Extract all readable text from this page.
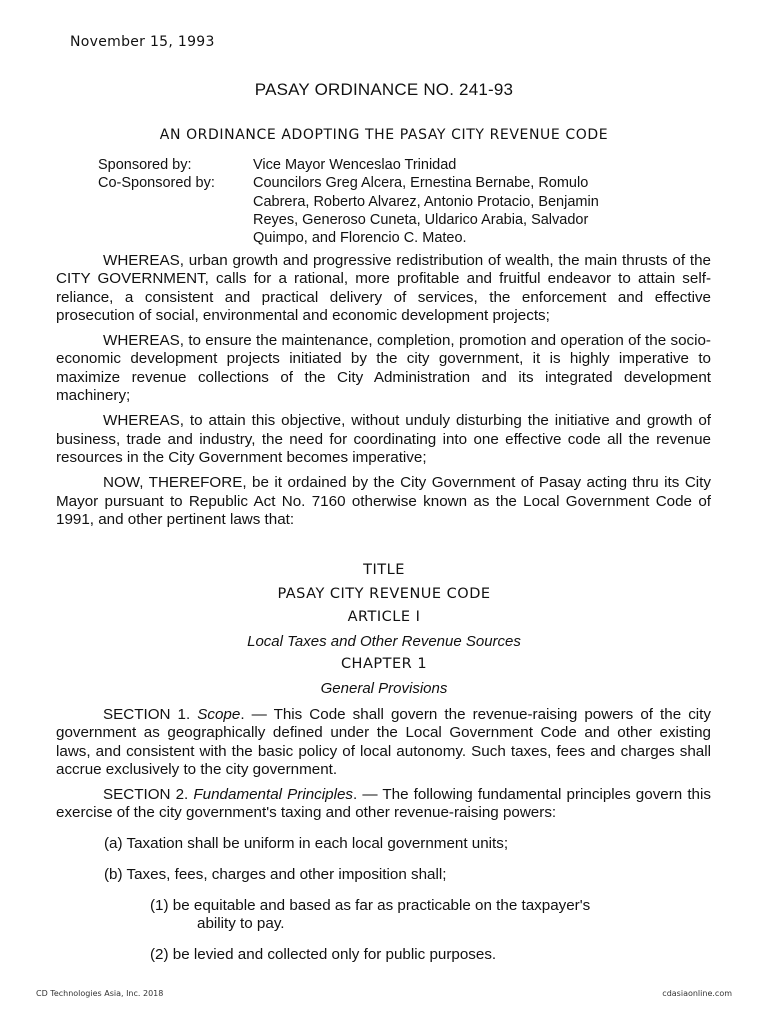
November 15, 1993
PASAY ORDINANCE NO. 241-93
AN ORDINANCE ADOPTING THE PASAY CITY REVENUE CODE
Sponsored by:	Vice Mayor Wenceslao Trinidad
Co-Sponsored by:	Councilors Greg Alcera, Ernestina Bernabe, Romulo Cabrera, Roberto Alvarez, Antonio Protacio, Benjamin Reyes, Generoso Cuneta, Uldarico Arabia, Salvador Quimpo, and Florencio C. Mateo.

WHEREAS, urban growth and progressive redistribution of wealth, the main thrusts of the CITY GOVERNMENT, calls for a rational, more profitable and fruitful endeavor to attain self-reliance, a consistent and practical delivery of services, the enforcement and effective prosecution of social, environmental and economic development projects;

WHEREAS, to ensure the maintenance, completion, promotion and operation of the socio-economic development projects initiated by the city government, it is highly imperative to maximize revenue collections of the City Administration and its integrated development machinery;

WHEREAS, to attain this objective, without unduly disturbing the initiative and growth of business, trade and industry, the need for coordinating into one effective code all the revenue resources in the City Government becomes imperative;

NOW, THEREFORE, be it ordained by the City Government of Pasay acting thru its City Mayor pursuant to Republic Act No. 7160 otherwise known as the Local Government Code of 1991, and other pertinent laws that:

TITLE
PASAY CITY REVENUE CODE
ARTICLE I
Local Taxes and Other Revenue Sources
CHAPTER 1
General Provisions

SECTION 1. Scope. — This Code shall govern the revenue-raising powers of the city government as geographically defined under the Local Government Code and other existing laws, and consistent with the basic policy of local autonomy. Such taxes, fees and charges shall accrue exclusively to the city government.

SECTION 2. Fundamental Principles. — The following fundamental principles govern this exercise of the city government's taxing and other revenue-raising powers:

(a) Taxation shall be uniform in each local government units;
(b) Taxes, fees, charges and other imposition shall;
(1) be equitable and based as far as practicable on the taxpayer's
ability to pay.
(2) be levied and collected only for public purposes.
CD Technologies Asia, Inc. 2018	cdasiaonline.com
